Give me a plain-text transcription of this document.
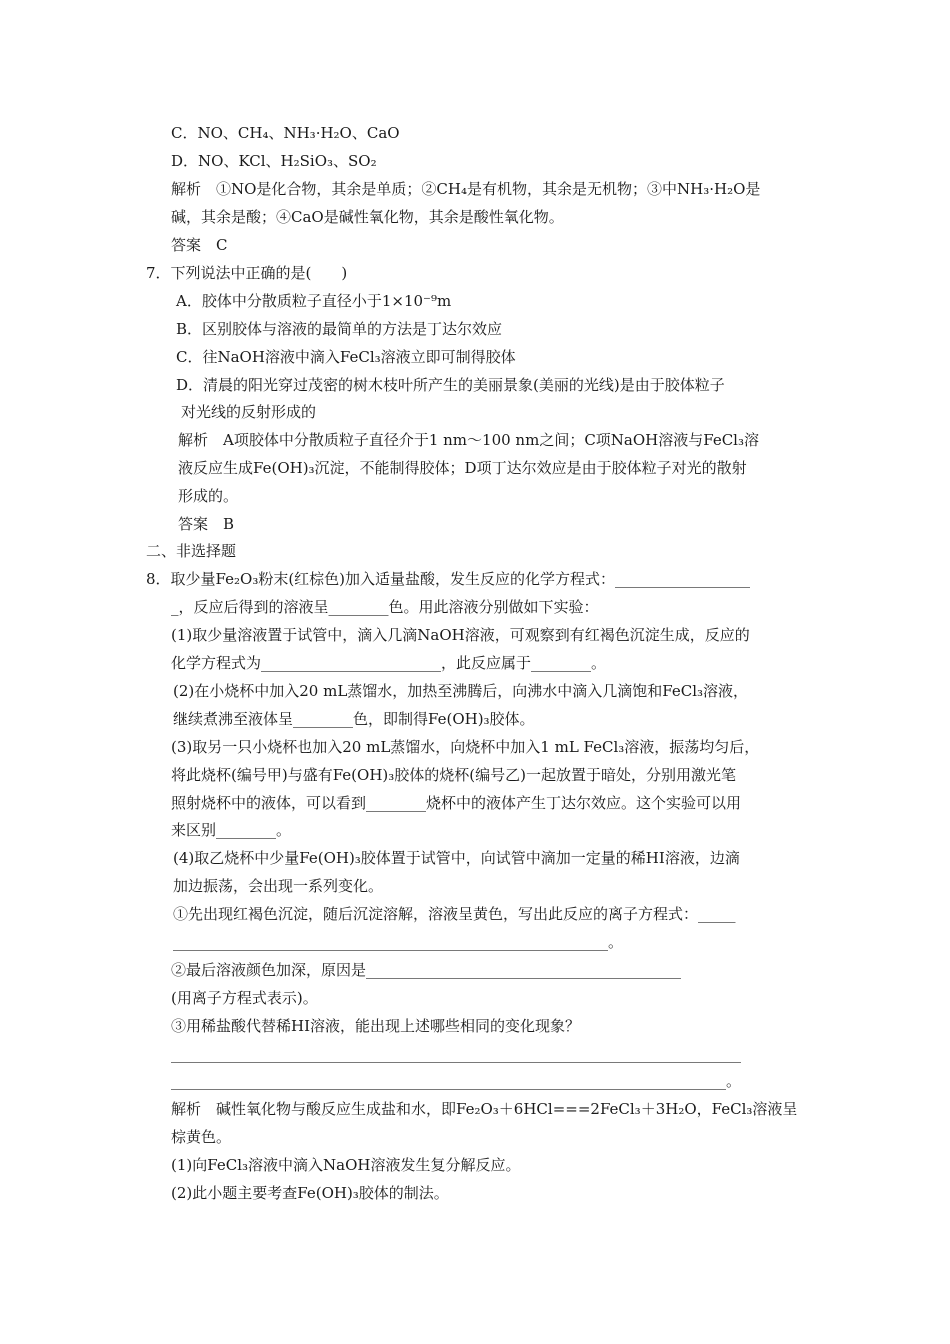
C．NO、CH₄、NH₃·H₂O、CaO
D．NO、KCl、H₂SiO₃、SO₂
解析　①NO是化合物，其余是单质；②CH₄是有机物，其余是无机物；③中NH₃·H₂O是
碱，其余是酸；④CaO是碱性氧化物，其余是酸性氧化物。
答案　C
7．下列说法中正确的是(　　)
A．胶体中分散质粒子直径小于1×10⁻⁹m
B．区别胶体与溶液的最简单的方法是丁达尔效应
C．往NaOH溶液中滴入FeCl₃溶液立即可制得胶体
D．清晨的阳光穿过茂密的树木枝叶所产生的美丽景象(美丽的光线)是由于胶体粒子
对光线的反射形成的
解析　A项胶体中分散质粒子直径介于1 nm～100 nm之间；C项NaOH溶液与FeCl₃溶
液反应生成Fe(OH)₃沉淀，不能制得胶体；D项丁达尔效应是由于胶体粒子对光的散射
形成的。
答案　B
二、非选择题
8．取少量Fe₂O₃粉末(红棕色)加入适量盐酸，发生反应的化学方程式：__________________
_，反应后得到的溶液呈________色。用此溶液分别做如下实验：
(1)取少量溶液置于试管中，滴入几滴NaOH溶液，可观察到有红褐色沉淀生成，反应的
化学方程式为________________________，此反应属于________。
(2)在小烧杯中加入20 mL蒸馏水，加热至沸腾后，向沸水中滴入几滴饱和FeCl₃溶液，
继续煮沸至液体呈________色，即制得Fe(OH)₃胶体。
(3)取另一只小烧杯也加入20 mL蒸馏水，向烧杯中加入1 mL FeCl₃溶液，振荡均匀后，
将此烧杯(编号甲)与盛有Fe(OH)₃胶体的烧杯(编号乙)一起放置于暗处，分别用激光笔
照射烧杯中的液体，可以看到________烧杯中的液体产生丁达尔效应。这个实验可以用
来区别________。
(4)取乙烧杯中少量Fe(OH)₃胶体置于试管中，向试管中滴加一定量的稀HI溶液，边滴
加边振荡，会出现一系列变化。
①先出现红褐色沉淀，随后沉淀溶解，溶液呈黄色，写出此反应的离子方程式：_____
__________________________________________________________。
②最后溶液颜色加深，原因是__________________________________________
(用离子方程式表示)。
③用稀盐酸代替稀HI溶液，能出现上述哪些相同的变化现象？
____________________________________________________________________________
__________________________________________________________________________。
解析　碱性氧化物与酸反应生成盐和水，即Fe₂O₃＋6HCl===2FeCl₃＋3H₂O，FeCl₃溶液呈
棕黄色。
(1)向FeCl₃溶液中滴入NaOH溶液发生复分解反应。
(2)此小题主要考查Fe(OH)₃胶体的制法。
